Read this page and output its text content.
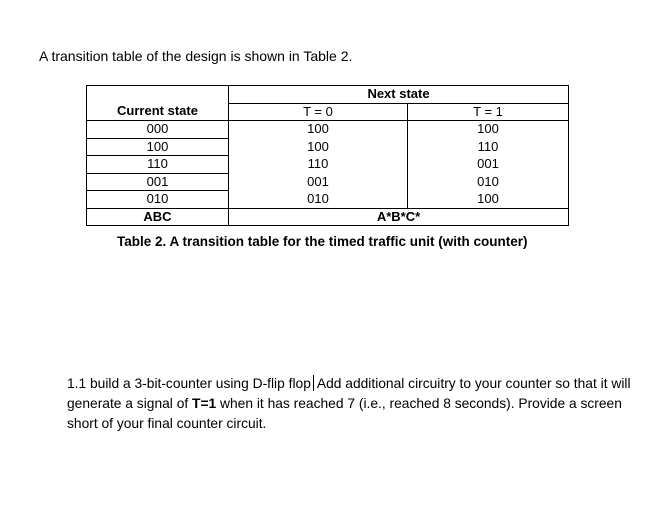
A transition table of the design is shown in Table 2.
	Next state	
Current state	T = 0	T = 1
000	100	100
100	100	110
110	110	001
001	001	010
010	010	100
ABC	A*B*C*	
Table 2. A transition table for the timed traffic unit (with counter)
1.1 build a 3-bit-counter using D-flip flop Add additional circuitry to your counter so that it will generate a signal of T=1 when it has reached 7 (i.e., reached 8 seconds). Provide a screen short of your final counter circuit.
